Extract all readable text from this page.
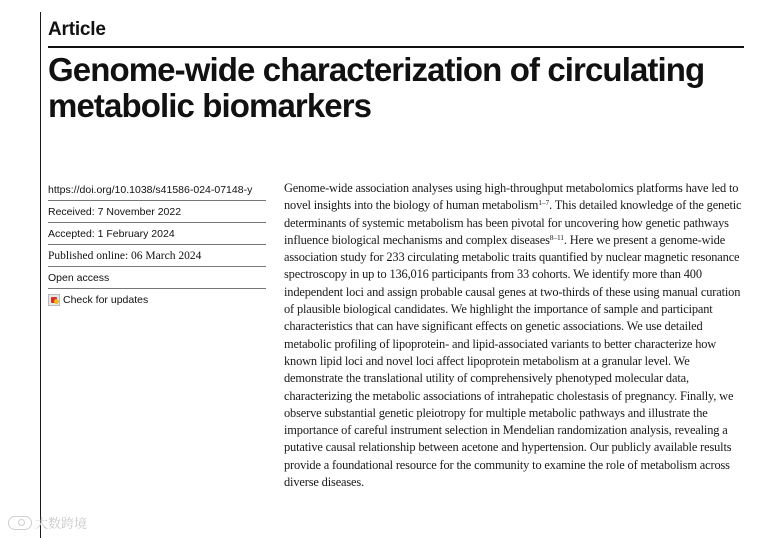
Article
Genome-wide characterization of circulating metabolic biomarkers
https://doi.org/10.1038/s41586-024-07148-y
Received: 7 November 2022
Accepted: 1 February 2024
Published online: 06 March 2024
Open access
Check for updates

Genome-wide association analyses using high-throughput metabolomics platforms have led to novel insights into the biology of human metabolism$^{1-7}$. This detailed knowledge of the genetic determinants of systemic metabolism has been pivotal for uncovering how genetic pathways influence biological mechanisms and complex diseases$^{8-11}$. Here we present a genome-wide association study for 233 circulating metabolic traits quantified by nuclear magnetic resonance spectroscopy in up to 136,016 participants from 33 cohorts. We identify more than 400 independent loci and assign probable causal genes at two-thirds of these using manual curation of plausible biological candidates. We highlight the importance of sample and participant characteristics that can have significant effects on genetic associations. We use detailed metabolic profiling of lipoprotein- and lipid-associated variants to better characterize how known lipid loci and novel loci affect lipoprotein metabolism at a granular level. We demonstrate the translational utility of comprehensively phenotyped molecular data, characterizing the metabolic associations of intrahepatic cholestasis of pregnancy. Finally, we observe substantial genetic pleiotropy for multiple metabolic pathways and illustrate the importance of careful instrument selection in Mendelian randomization analysis, revealing a putative causal relationship between acetone and hypertension. Our publicly available results provide a foundational resource for the community to examine the role of metabolism across diverse diseases.

大数跨境
